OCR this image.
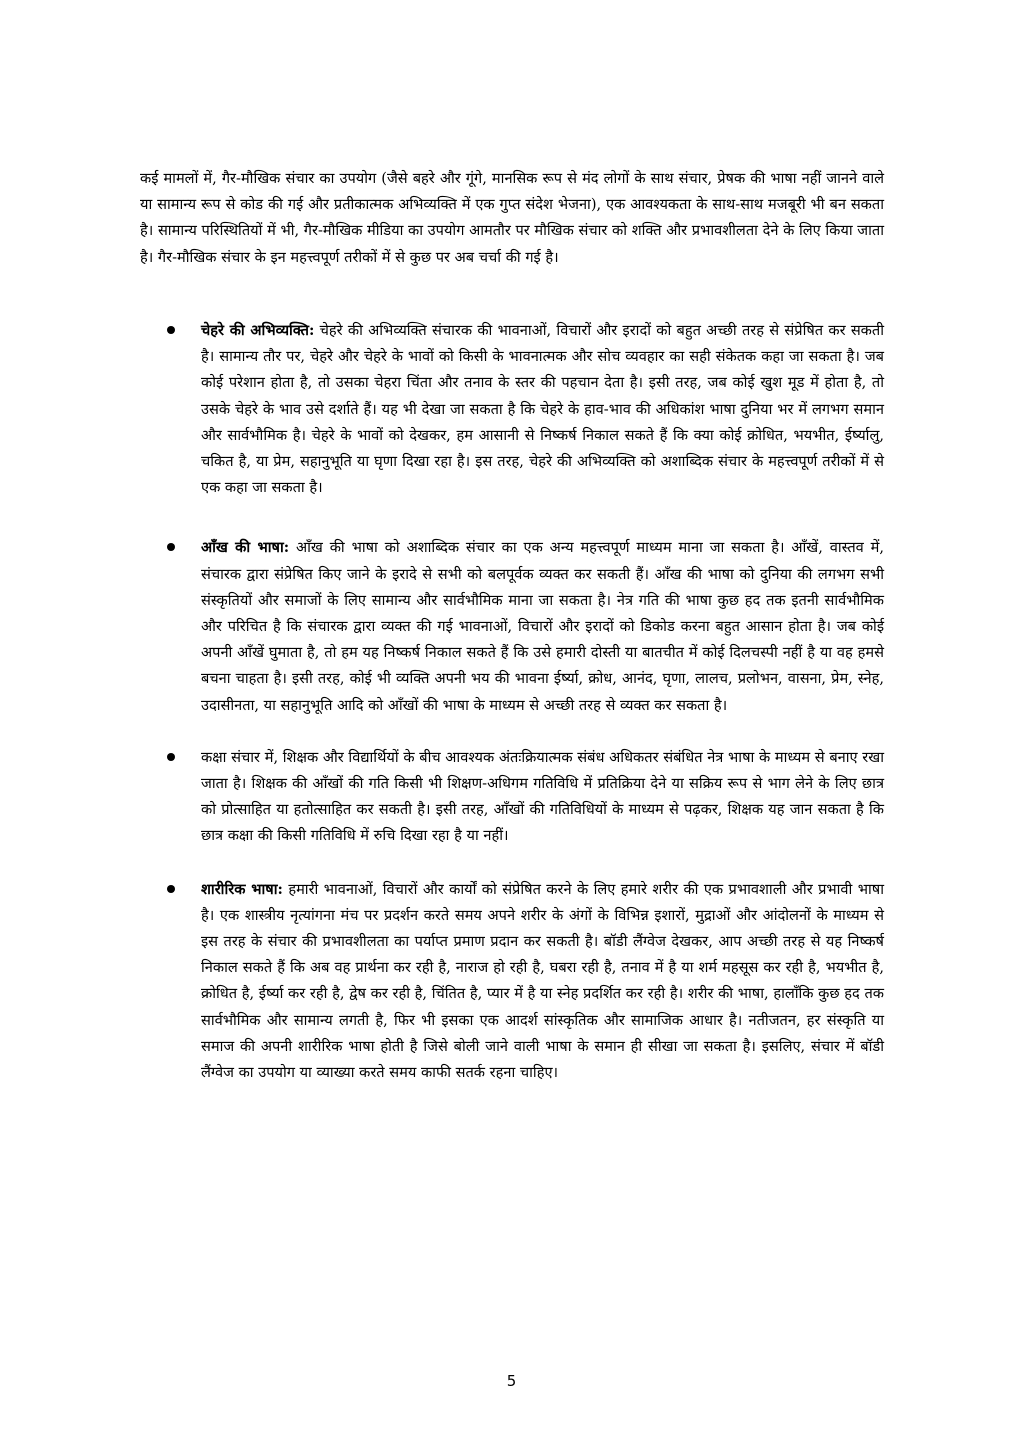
कई मामलों में, गैर-मौखिक संचार का उपयोग (जैसे बहरे और गूंगे, मानसिक रूप से मंद लोगों के साथ संचार, प्रेषक की भाषा नहीं जानने वाले या सामान्य रूप से कोड की गई और प्रतीकात्मक अभिव्यक्ति में एक गुप्त संदेश भेजना), एक आवश्यकता के साथ-साथ मजबूरी भी बन सकता है। सामान्य परिस्थितियों में भी, गैर-मौखिक मीडिया का उपयोग आमतौर पर मौखिक संचार को शक्ति और प्रभावशीलता देने के लिए किया जाता है। गैर-मौखिक संचार के इन महत्त्वपूर्ण तरीकों में से कुछ पर अब चर्चा की गई है।

चेहरे की अभिव्यक्ति: चेहरे की अभिव्यक्ति संचारक की भावनाओं, विचारों और इरादों को बहुत अच्छी तरह से संप्रेषित कर सकती है। सामान्य तौर पर, चेहरे और चेहरे के भावों को किसी के भावनात्मक और सोच व्यवहार का सही संकेतक कहा जा सकता है। जब कोई परेशान होता है, तो उसका चेहरा चिंता और तनाव के स्तर की पहचान देता है। इसी तरह, जब कोई खुश मूड में होता है, तो उसके चेहरे के भाव उसे दर्शाते हैं। यह भी देखा जा सकता है कि चेहरे के हाव-भाव की अधिकांश भाषा दुनिया भर में लगभग समान और सार्वभौमिक है। चेहरे के भावों को देखकर, हम आसानी से निष्कर्ष निकाल सकते हैं कि क्या कोई क्रोधित, भयभीत, ईर्ष्यालु, चकित है, या प्रेम, सहानुभूति या घृणा दिखा रहा है। इस तरह, चेहरे की अभिव्यक्ति को अशाब्दिक संचार के महत्त्वपूर्ण तरीकों में से एक कहा जा सकता है।
आँख की भाषा: आँख की भाषा को अशाब्दिक संचार का एक अन्य महत्त्वपूर्ण माध्यम माना जा सकता है। आँखें, वास्तव में, संचारक द्वारा संप्रेषित किए जाने के इरादे से सभी को बलपूर्वक व्यक्त कर सकती हैं। आँख की भाषा को दुनिया की लगभग सभी संस्कृतियों और समाजों के लिए सामान्य और सार्वभौमिक माना जा सकता है। नेत्र गति की भाषा कुछ हद तक इतनी सार्वभौमिक और परिचित है कि संचारक द्वारा व्यक्त की गई भावनाओं, विचारों और इरादों को डिकोड करना बहुत आसान होता है। जब कोई अपनी आँखें घुमाता है, तो हम यह निष्कर्ष निकाल सकते हैं कि उसे हमारी दोस्ती या बातचीत में कोई दिलचस्पी नहीं है या वह हमसे बचना चाहता है। इसी तरह, कोई भी व्यक्ति अपनी भय की भावना ईर्ष्या, क्रोध, आनंद, घृणा, लालच, प्रलोभन, वासना, प्रेम, स्नेह, उदासीनता, या सहानुभूति आदि को आँखों की भाषा के माध्यम से अच्छी तरह से व्यक्त कर सकता है।
कक्षा संचार में, शिक्षक और विद्यार्थियों के बीच आवश्यक अंतःक्रियात्मक संबंध अधिकतर संबंधित नेत्र भाषा के माध्यम से बनाए रखा जाता है। शिक्षक की आँखों की गति किसी भी शिक्षण-अधिगम गतिविधि में प्रतिक्रिया देने या सक्रिय रूप से भाग लेने के लिए छात्र को प्रोत्साहित या हतोत्साहित कर सकती है। इसी तरह, आँखों की गतिविधियों के माध्यम से पढ़कर, शिक्षक यह जान सकता है कि छात्र कक्षा की किसी गतिविधि में रुचि दिखा रहा है या नहीं।
शारीरिक भाषा: हमारी भावनाओं, विचारों और कार्यों को संप्रेषित करने के लिए हमारे शरीर की एक प्रभावशाली और प्रभावी भाषा है। एक शास्त्रीय नृत्यांगना मंच पर प्रदर्शन करते समय अपने शरीर के अंगों के विभिन्न इशारों, मुद्राओं और आंदोलनों के माध्यम से इस तरह के संचार की प्रभावशीलता का पर्याप्त प्रमाण प्रदान कर सकती है। बॉडी लैंग्वेज देखकर, आप अच्छी तरह से यह निष्कर्ष निकाल सकते हैं कि अब वह प्रार्थना कर रही है, नाराज हो रही है, घबरा रही है, तनाव में है या शर्म महसूस कर रही है, भयभीत है, क्रोधित है, ईर्ष्या कर रही है, द्वेष कर रही है, चिंतित है, प्यार में है या स्नेह प्रदर्शित कर रही है। शरीर की भाषा, हालाँकि कुछ हद तक सार्वभौमिक और सामान्य लगती है, फिर भी इसका एक आदर्श सांस्कृतिक और सामाजिक आधार है। नतीजतन, हर संस्कृति या समाज की अपनी शारीरिक भाषा होती है जिसे बोली जाने वाली भाषा के समान ही सीखा जा सकता है। इसलिए, संचार में बॉडी लैंग्वेज का उपयोग या व्याख्या करते समय काफी सतर्क रहना चाहिए।
5
